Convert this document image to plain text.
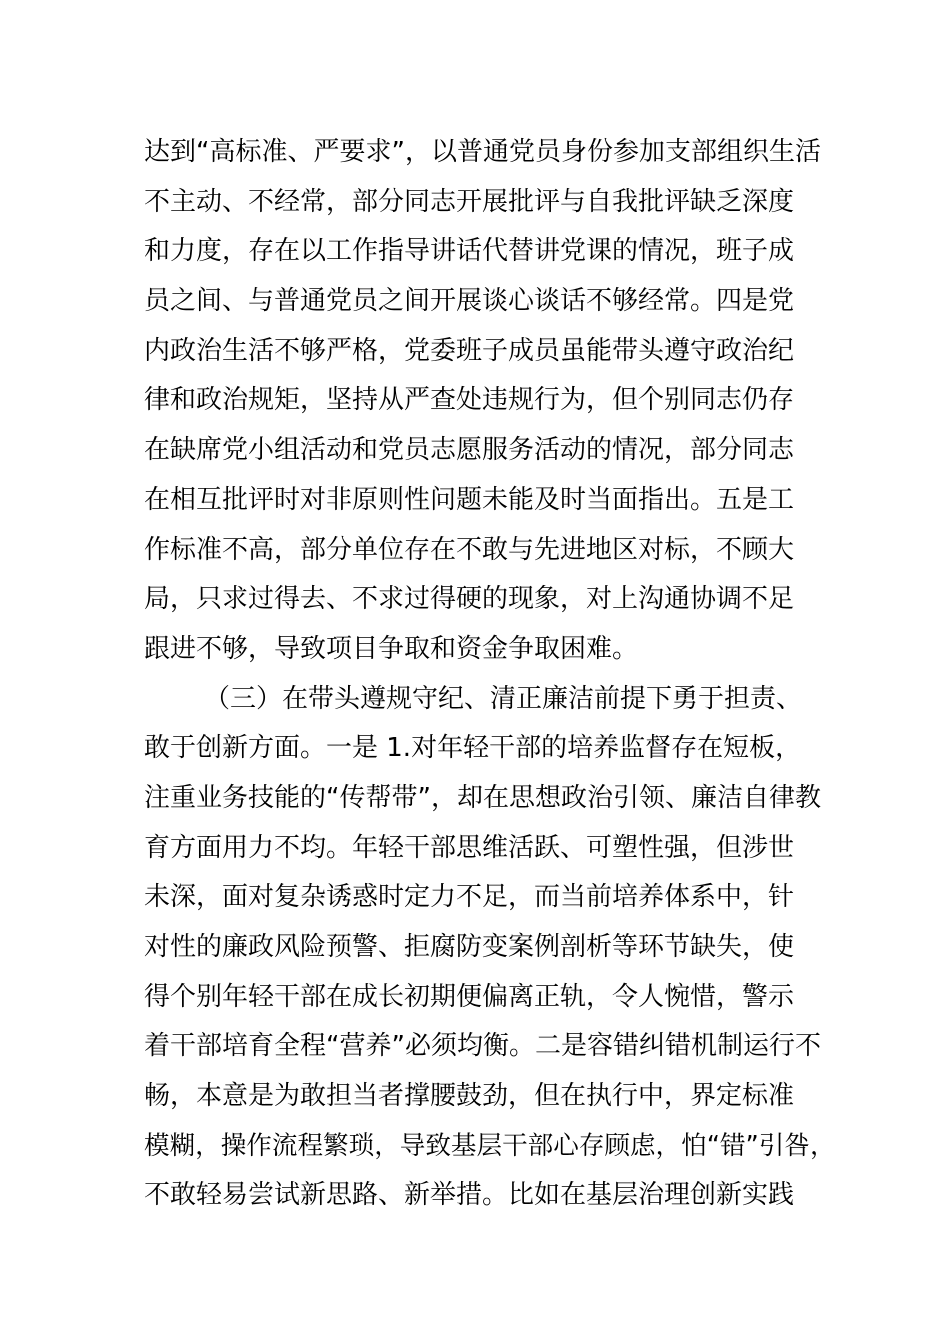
达到“高标准、严要求”，以普通党员身份参加支部组织生活
不主动、不经常，部分同志开展批评与自我批评缺乏深度
和力度，存在以工作指导讲话代替讲党课的情况，班子成
员之间、与普通党员之间开展谈心谈话不够经常。四是党
内政治生活不够严格，党委班子成员虽能带头遵守政治纪
律和政治规矩，坚持从严查处违规行为，但个别同志仍存
在缺席党小组活动和党员志愿服务活动的情况，部分同志
在相互批评时对非原则性问题未能及时当面指出。五是工
作标准不高，部分单位存在不敢与先进地区对标，不顾大
局，只求过得去、不求过得硬的现象，对上沟通协调不足
跟进不够，导致项目争取和资金争取困难。
（三）在带头遵规守纪、清正廉洁前提下勇于担责、
敢于创新方面。一是 1.对年轻干部的培养监督存在短板，
注重业务技能的“传帮带”，却在思想政治引领、廉洁自律教
育方面用力不均。年轻干部思维活跃、可塑性强，但涉世
未深，面对复杂诱惑时定力不足，而当前培养体系中，针
对性的廉政风险预警、拒腐防变案例剖析等环节缺失，使
得个别年轻干部在成长初期便偏离正轨，令人惋惜，警示
着干部培育全程“营养”必须均衡。二是容错纠错机制运行不
畅，本意是为敢担当者撑腰鼓劲，但在执行中，界定标准
模糊，操作流程繁琐，导致基层干部心存顾虑，怕“错”引咎，
不敢轻易尝试新思路、新举措。比如在基层治理创新实践
